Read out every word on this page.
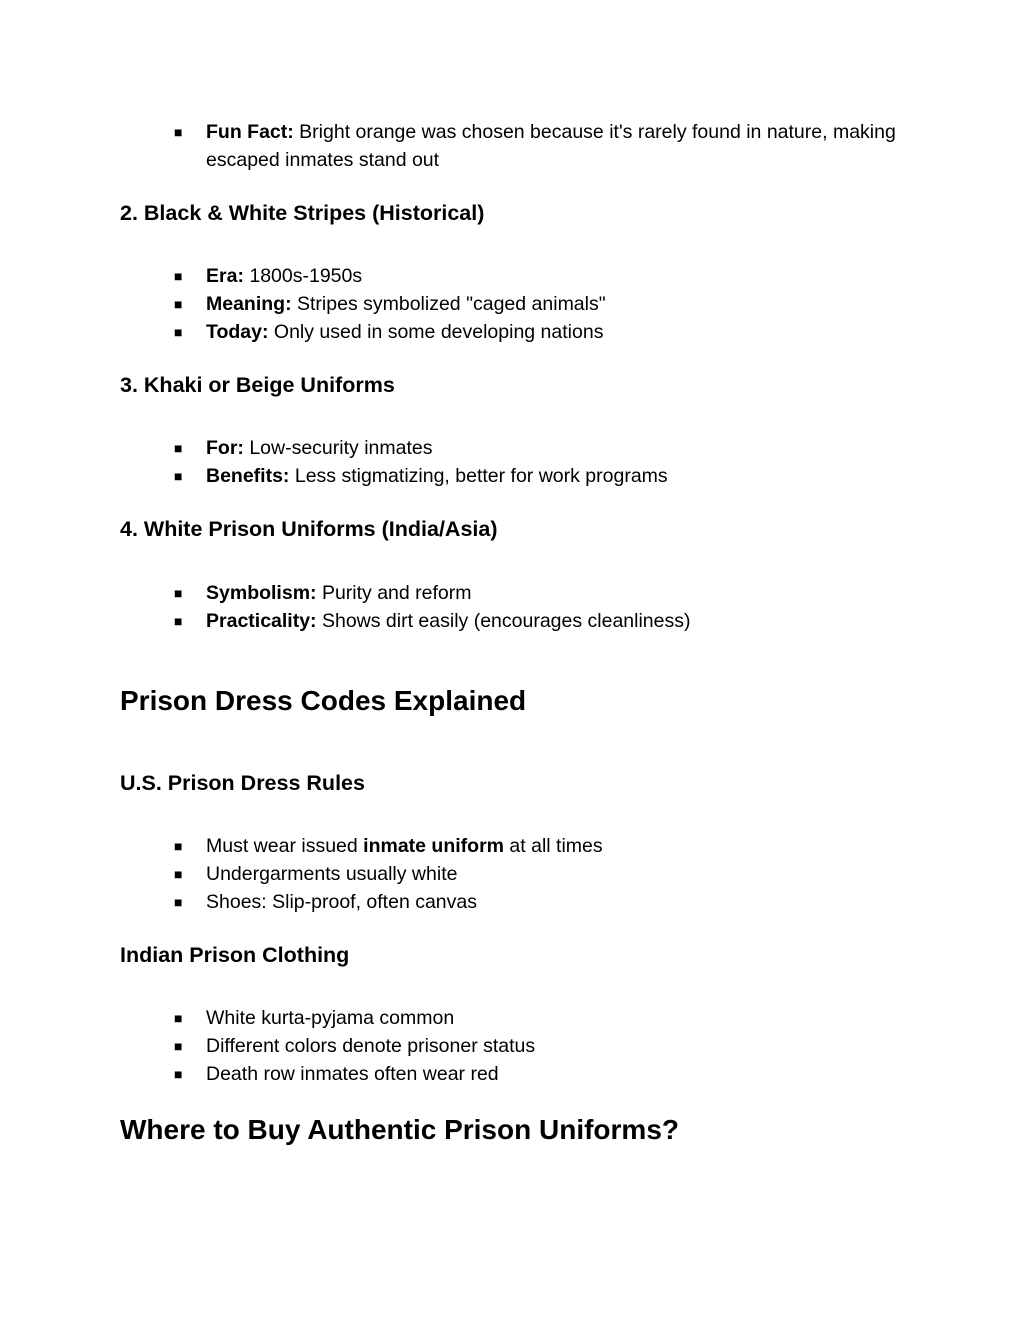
■ Fun Fact: Bright orange was chosen because it's rarely found in nature, making escaped inmates stand out
2. Black & White Stripes (Historical)
■ Era: 1800s-1950s
■ Meaning: Stripes symbolized "caged animals"
■ Today: Only used in some developing nations
3. Khaki or Beige Uniforms
■ For: Low-security inmates
■ Benefits: Less stigmatizing, better for work programs
4. White Prison Uniforms (India/Asia)
■ Symbolism: Purity and reform
■ Practicality: Shows dirt easily (encourages cleanliness)
Prison Dress Codes Explained
U.S. Prison Dress Rules
■ Must wear issued inmate uniform at all times
■ Undergarments usually white
■ Shoes: Slip-proof, often canvas
Indian Prison Clothing
■ White kurta-pyjama common
■ Different colors denote prisoner status
■ Death row inmates often wear red
Where to Buy Authentic Prison Uniforms?
